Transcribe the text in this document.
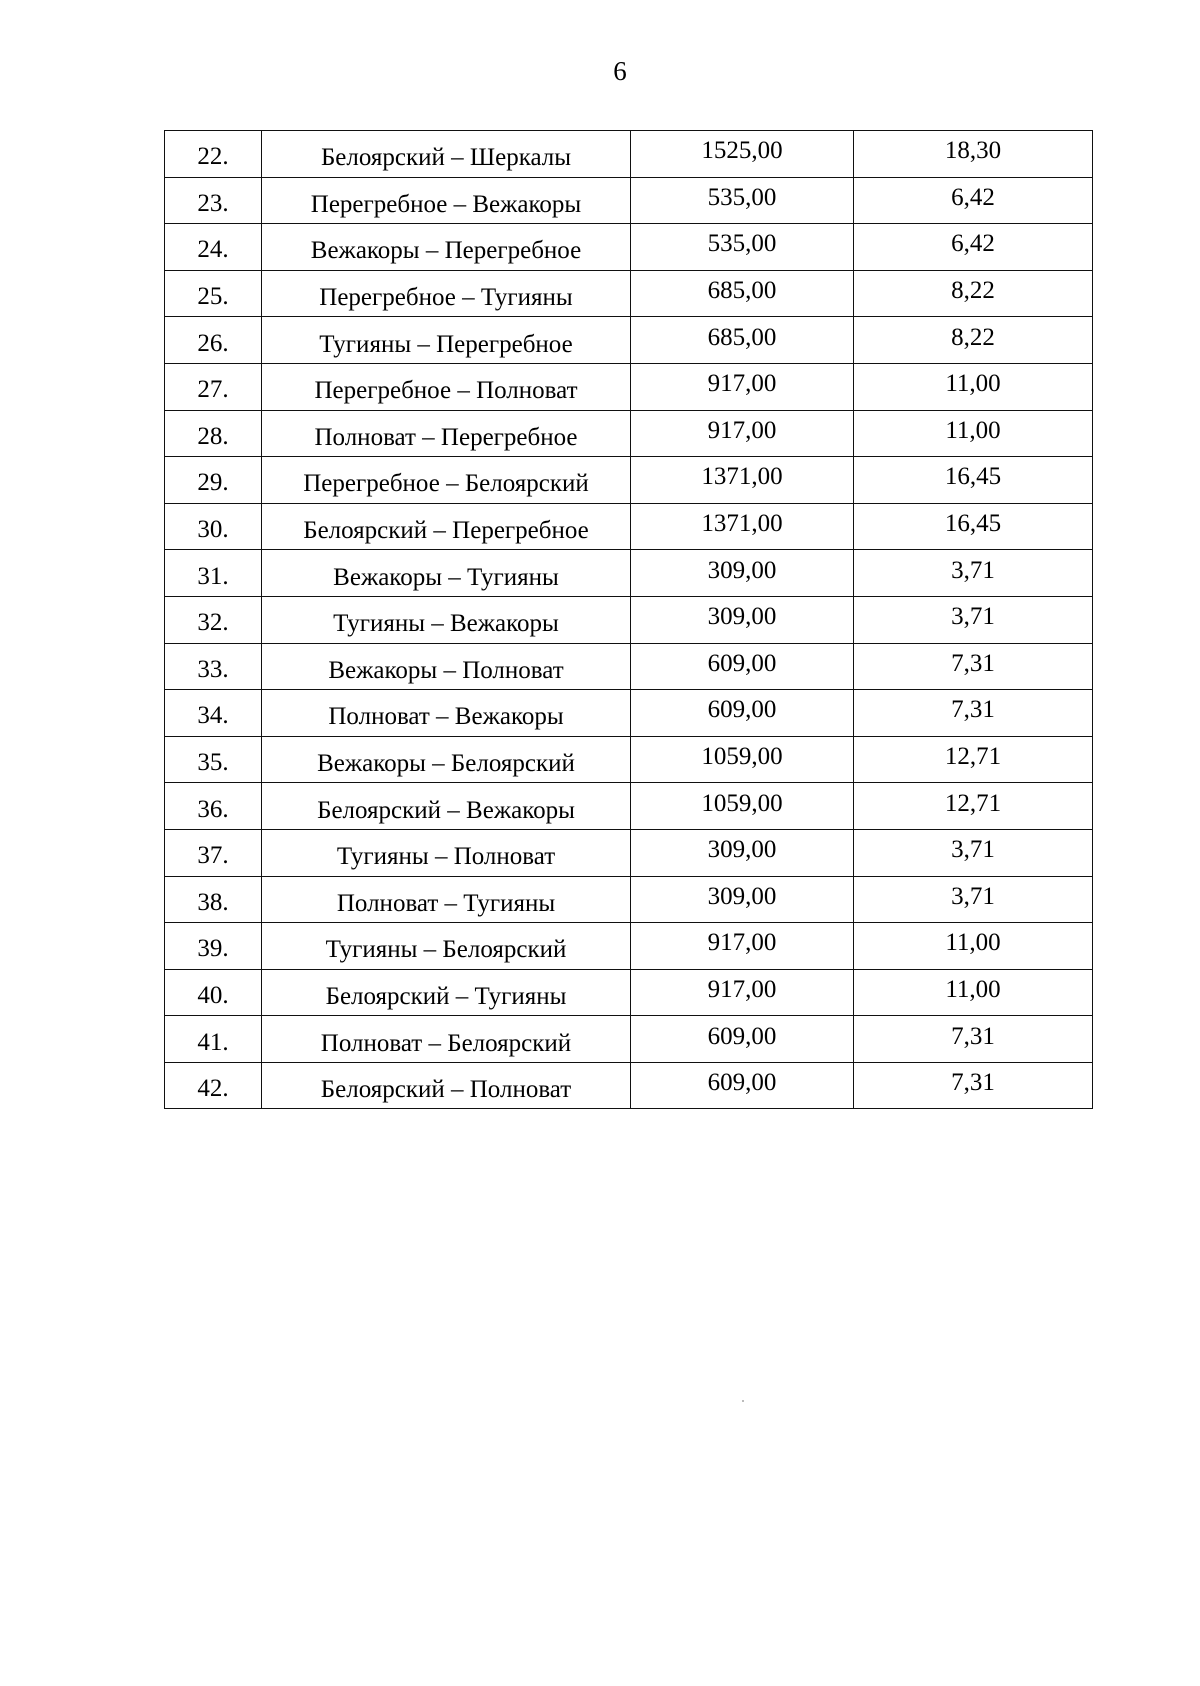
6
22.	Белоярский – Шеркалы	1525,00	18,30
23.	Перегребное – Вежакоры	535,00	6,42
24.	Вежакоры – Перегребное	535,00	6,42
25.	Перегребное – Тугияны	685,00	8,22
26.	Тугияны – Перегребное	685,00	8,22
27.	Перегребное – Полноват	917,00	11,00
28.	Полноват – Перегребное	917,00	11,00
29.	Перегребное – Белоярский	1371,00	16,45
30.	Белоярский – Перегребное	1371,00	16,45
31.	Вежакоры – Тугияны	309,00	3,71
32.	Тугияны – Вежакоры	309,00	3,71
33.	Вежакоры – Полноват	609,00	7,31
34.	Полноват – Вежакоры	609,00	7,31
35.	Вежакоры – Белоярский	1059,00	12,71
36.	Белоярский – Вежакоры	1059,00	12,71
37.	Тугияны – Полноват	309,00	3,71
38.	Полноват – Тугияны	309,00	3,71
39.	Тугияны – Белоярский	917,00	11,00
40.	Белоярский – Тугияны	917,00	11,00
41.	Полноват – Белоярский	609,00	7,31
42.	Белоярский – Полноват	609,00	7,31
